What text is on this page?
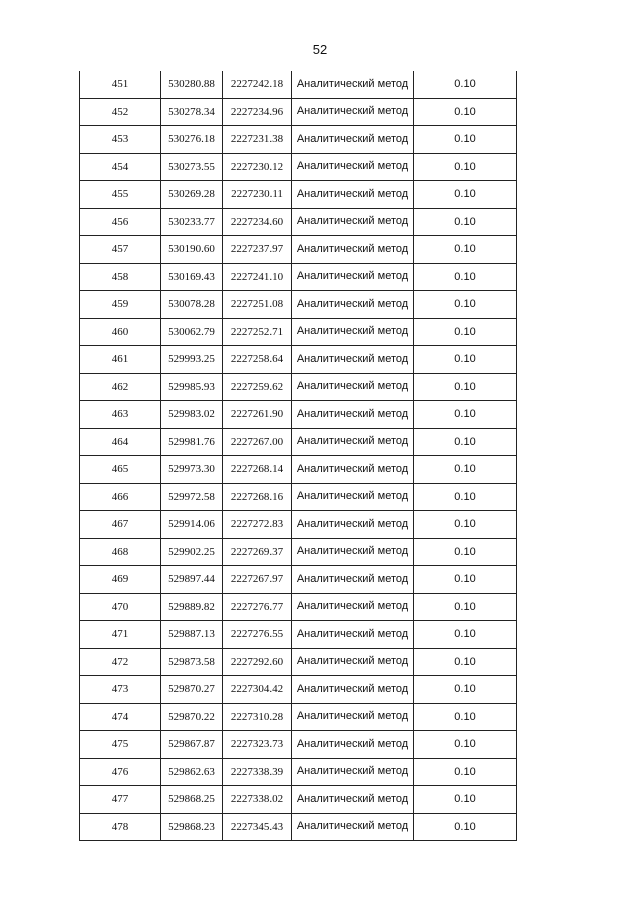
52
451	530280.88	2227242.18	Аналитический метод	0.10
452	530278.34	2227234.96	Аналитический метод	0.10
453	530276.18	2227231.38	Аналитический метод	0.10
454	530273.55	2227230.12	Аналитический метод	0.10
455	530269.28	2227230.11	Аналитический метод	0.10
456	530233.77	2227234.60	Аналитический метод	0.10
457	530190.60	2227237.97	Аналитический метод	0.10
458	530169.43	2227241.10	Аналитический метод	0.10
459	530078.28	2227251.08	Аналитический метод	0.10
460	530062.79	2227252.71	Аналитический метод	0.10
461	529993.25	2227258.64	Аналитический метод	0.10
462	529985.93	2227259.62	Аналитический метод	0.10
463	529983.02	2227261.90	Аналитический метод	0.10
464	529981.76	2227267.00	Аналитический метод	0.10
465	529973.30	2227268.14	Аналитический метод	0.10
466	529972.58	2227268.16	Аналитический метод	0.10
467	529914.06	2227272.83	Аналитический метод	0.10
468	529902.25	2227269.37	Аналитический метод	0.10
469	529897.44	2227267.97	Аналитический метод	0.10
470	529889.82	2227276.77	Аналитический метод	0.10
471	529887.13	2227276.55	Аналитический метод	0.10
472	529873.58	2227292.60	Аналитический метод	0.10
473	529870.27	2227304.42	Аналитический метод	0.10
474	529870.22	2227310.28	Аналитический метод	0.10
475	529867.87	2227323.73	Аналитический метод	0.10
476	529862.63	2227338.39	Аналитический метод	0.10
477	529868.25	2227338.02	Аналитический метод	0.10
478	529868.23	2227345.43	Аналитический метод	0.10
